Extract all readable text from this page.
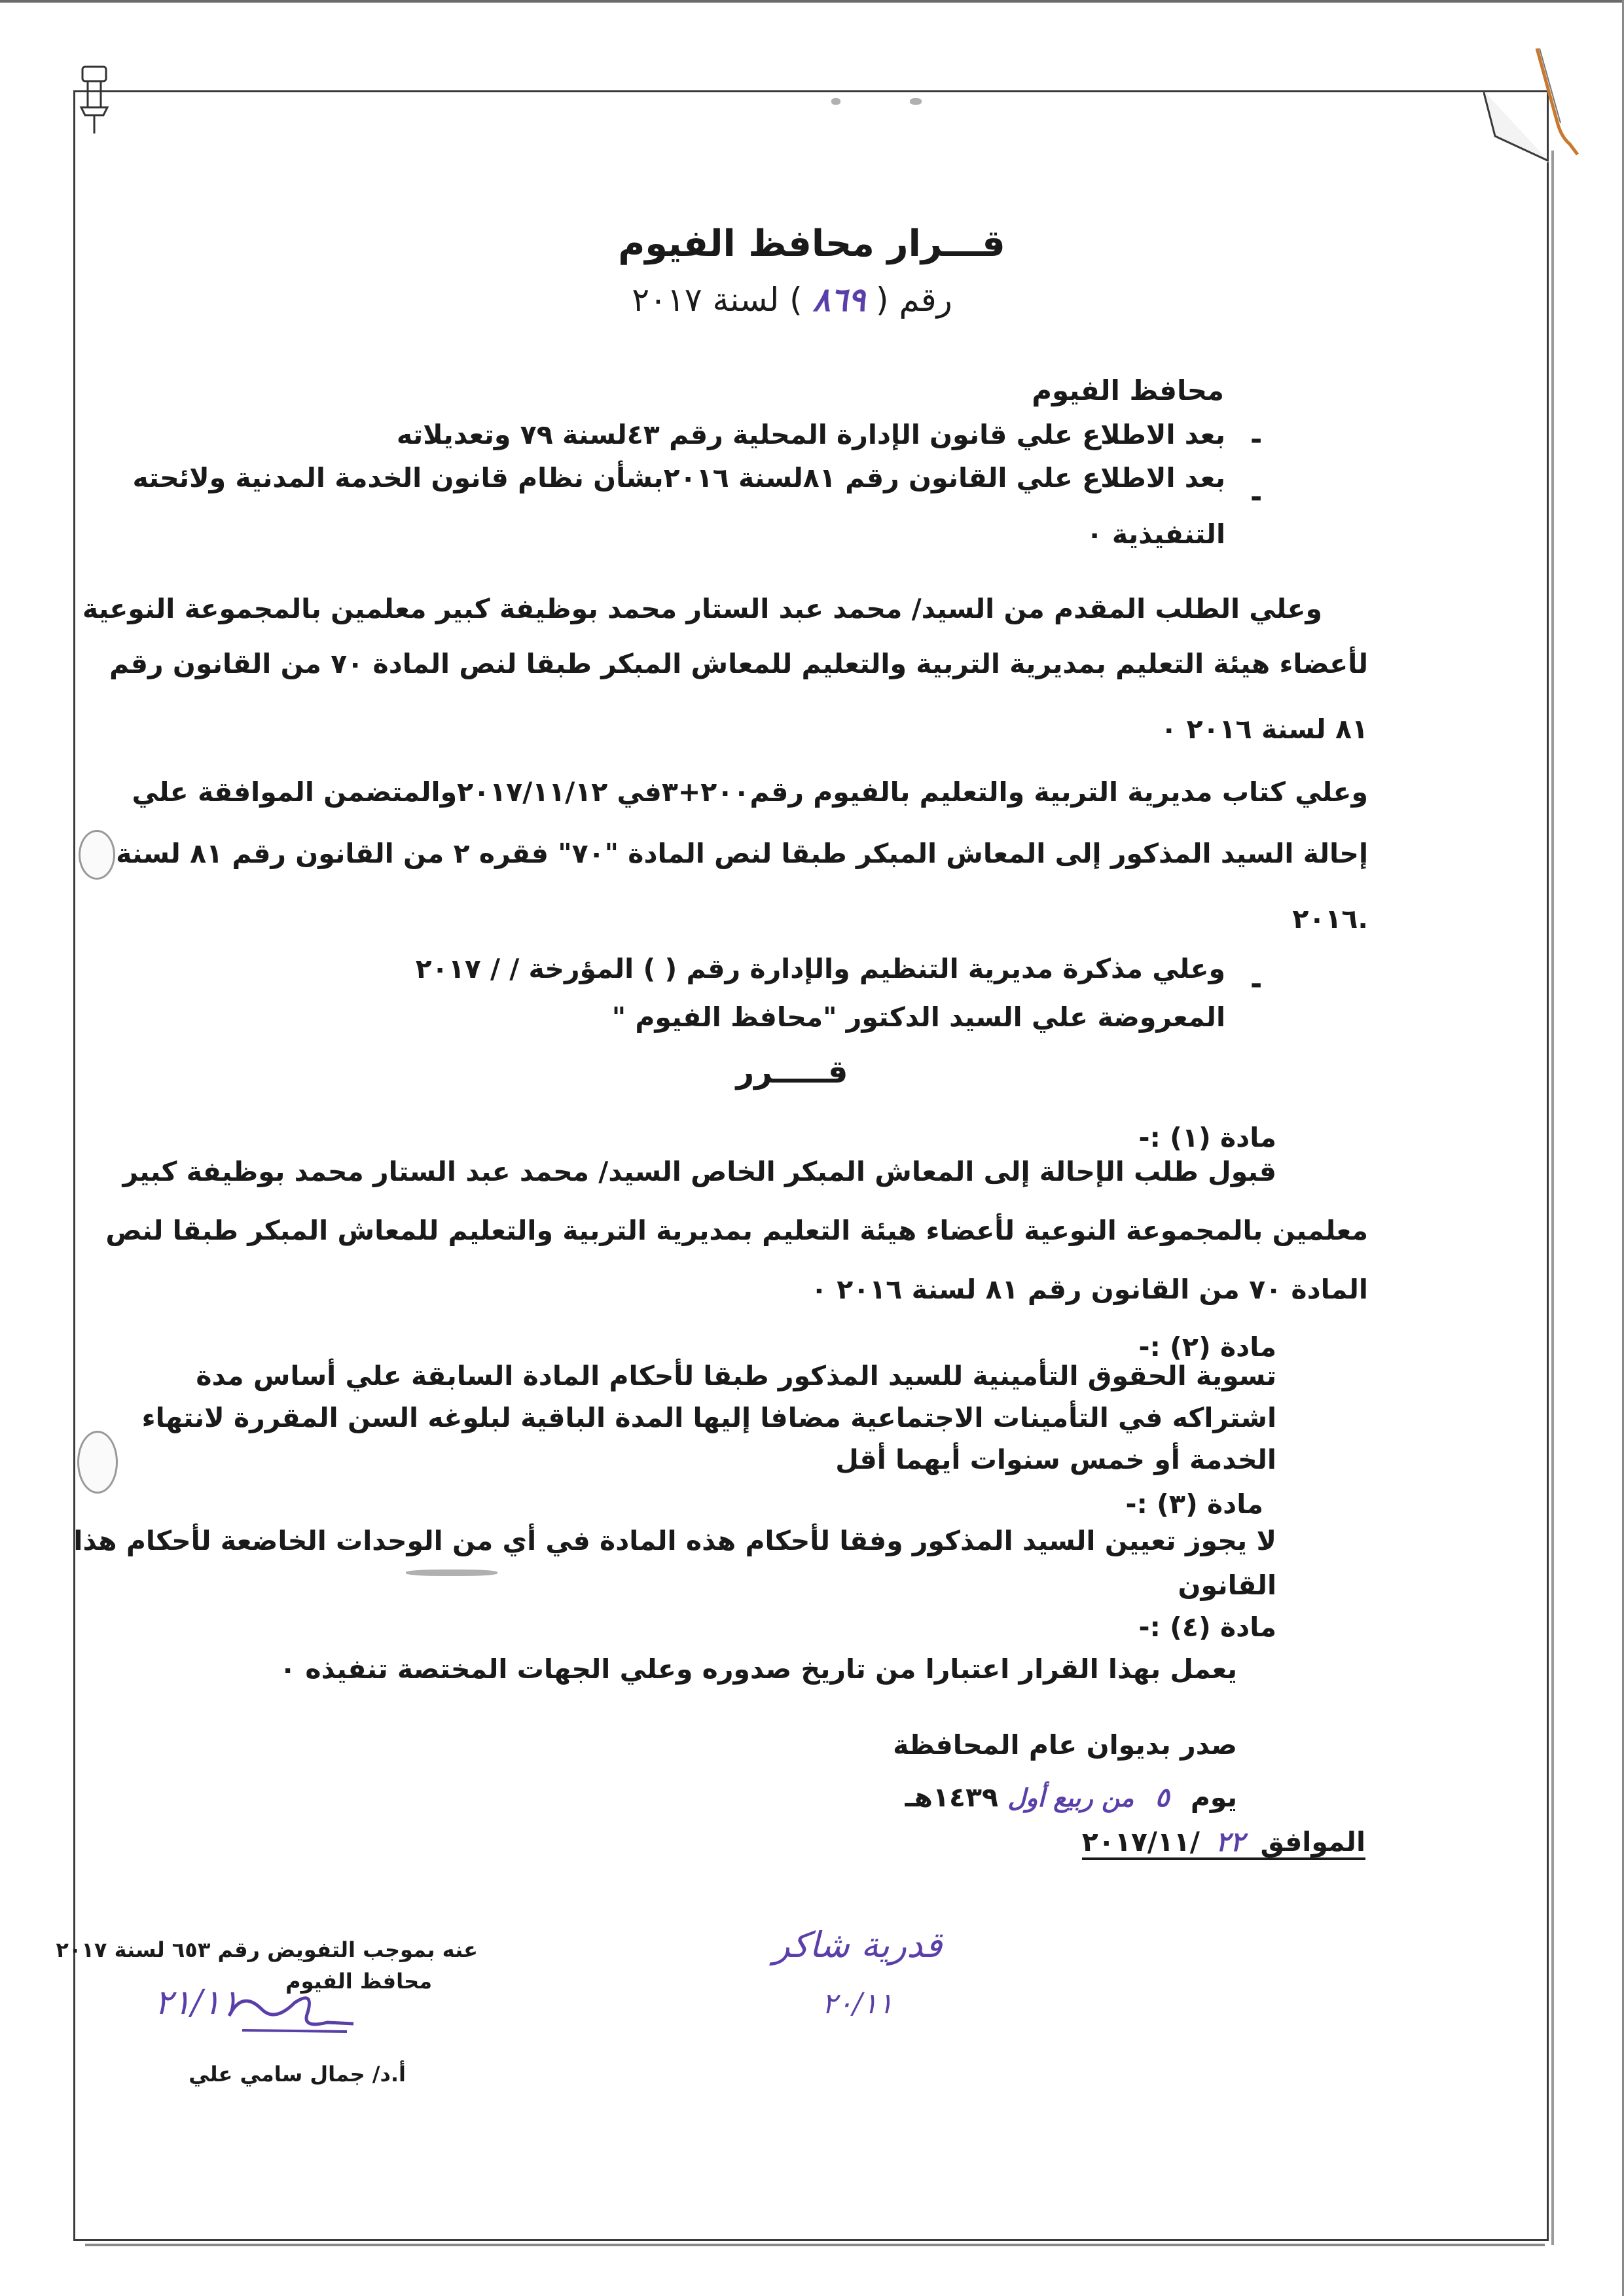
قـــرار محافظ الفيوم
رقم ( ٨٦٩ ) لسنة ٢٠١٧
محافظ الفيوم
-
بعد الاطلاع علي قانون الإدارة المحلية رقم ٤٣لسنة ٧٩ وتعديلاته
-
بعد الاطلاع علي القانون رقم ٨١لسنة ٢٠١٦بشأن نظام قانون الخدمة المدنية ولائحته
التنفيذية ٠
وعلي الطلب المقدم من السيد/ محمد عبد الستار محمد بوظيفة كبير معلمين بالمجموعة النوعية
لأعضاء هيئة التعليم بمديرية التربية والتعليم للمعاش المبكر طبقا لنص المادة ٧٠ من القانون رقم
٨١ لسنة ٢٠١٦ ٠
وعلي كتاب مديرية التربية والتعليم بالفيوم رقم٢٠٠+٣في ٢٠١٧/١١/١٢والمتضمن الموافقة علي
إحالة السيد المذكور إلى المعاش المبكر طبقا لنص المادة "٧٠" فقره ٢ من القانون رقم ٨١ لسنة
٢٠١٦.
-
وعلي مذكرة مديرية التنظيم والإدارة رقم ( ) المؤرخة / / ٢٠١٧
المعروضة علي السيد الدكتور "محافظ الفيوم "
قـــــرر
مادة (١) :-
قبول طلب الإحالة إلى المعاش المبكر الخاص السيد/ محمد عبد الستار محمد بوظيفة كبير
معلمين بالمجموعة النوعية لأعضاء هيئة التعليم بمديرية التربية والتعليم للمعاش المبكر طبقا لنص
المادة ٧٠ من القانون رقم ٨١ لسنة ٢٠١٦ ٠
مادة (٢) :-
تسوية الحقوق التأمينية للسيد المذكور طبقا لأحكام المادة السابقة علي أساس مدة
اشتراكه في التأمينات الاجتماعية مضافا إليها المدة الباقية لبلوغه السن المقررة لانتهاء
الخدمة أو خمس سنوات أيهما أقل
مادة (٣) :-
لا يجوز تعيين السيد المذكور وفقا لأحكام هذه المادة في أي من الوحدات الخاضعة لأحكام هذا
القانون
مادة (٤) :-
يعمل بهذا القرار اعتبارا من تاريخ صدوره وعلي الجهات المختصة تنفيذه ٠
صدر بديوان عام المحافظة
يوم ٥ من ربيع أول ١٤٣٩هـ
الموافق ٢٢ /٢٠١٧/١١
عنه بموجب التفويض رقم ٦٥٣ لسنة ٢٠١٧
محافظ الفيوم
٢١/١١
أ.د/ جمال سامي علي
قدرية شاكر
٢٠/١١
